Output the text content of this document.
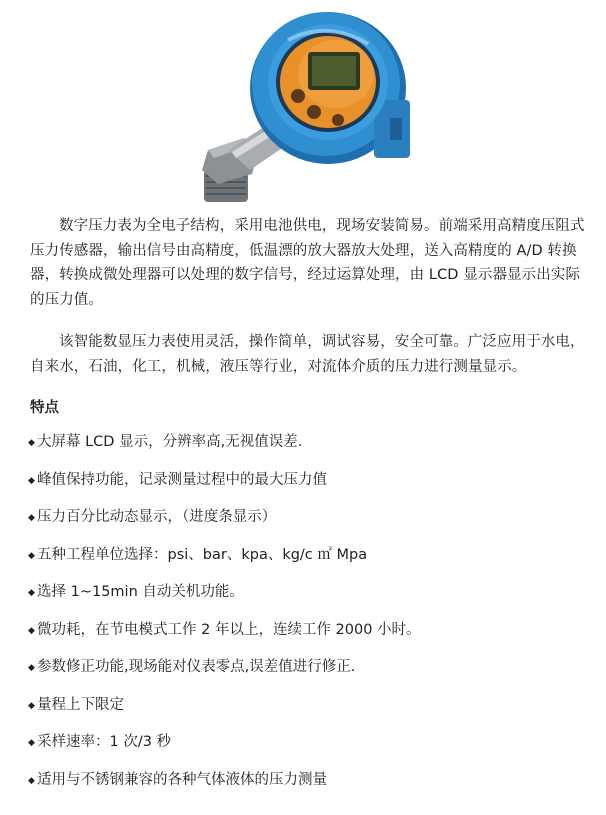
数字压力表为全电子结构，采用电池供电，现场安装简易。前端采用高精度压阻式压力传感器，输出信号由高精度，低温漂的放大器放大处理，送入高精度的 A/D 转换器，转换成微处理器可以处理的数字信号，经过运算处理，由 LCD 显示器显示出实际的压力值。

该智能数显压力表使用灵活，操作简单，调试容易，安全可靠。广泛应用于水电，自来水，石油，化工，机械，液压等行业，对流体介质的压力进行测量显示。

特点

◆ 大屏幕 LCD 显示，分辨率高,无视值误差.
◆ 峰值保持功能，记录测量过程中的最大压力值
◆ 压力百分比动态显示，（进度条显示）
◆ 五种工程单位选择：psi、bar、kpa、kg/c ㎡ Mpa
◆ 选择 1~15min 自动关机功能。
◆ 微功耗，在节电模式工作 2 年以上，连续工作 2000 小时。
◆ 参数修正功能,现场能对仪表零点,误差值进行修正.
◆ 量程上下限定
◆ 采样速率：1 次/3 秒
◆ 适用与不锈钢兼容的各种气体液体的压力测量
